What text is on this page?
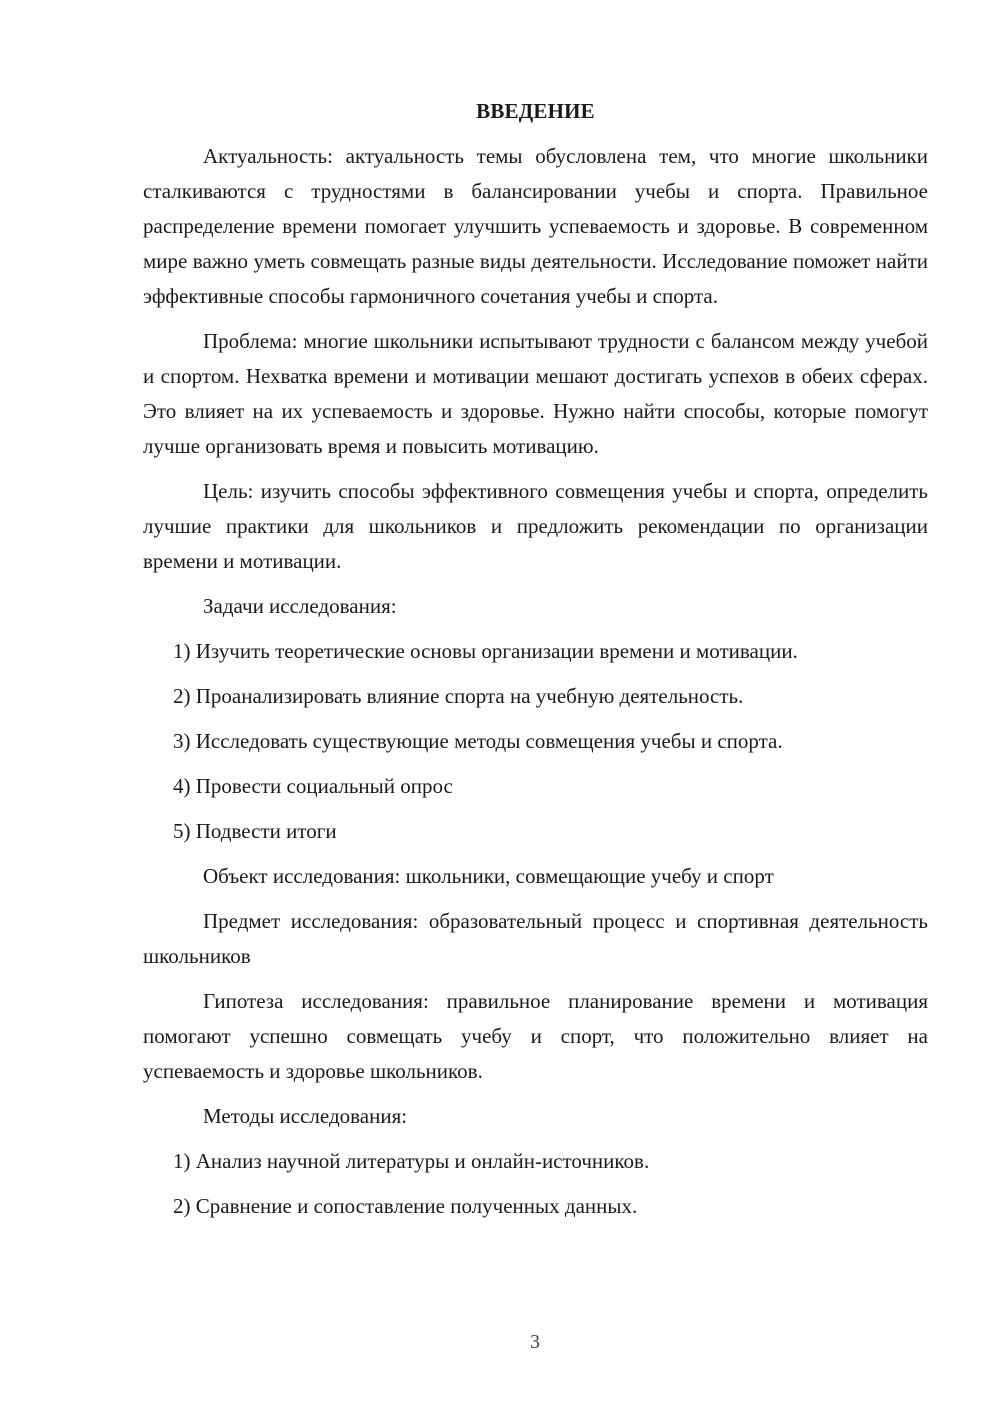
ВВЕДЕНИЕ

Актуальность: актуальность темы обусловлена тем, что многие школьники сталкиваются с трудностями в балансировании учебы и спорта. Правильное распределение времени помогает улучшить успеваемость и здоровье. В современном мире важно уметь совмещать разные виды деятельности. Исследование поможет найти эффективные способы гармоничного сочетания учебы и спорта.

Проблема: многие школьники испытывают трудности с балансом между учебой и спортом. Нехватка времени и мотивации мешают достигать успехов в обеих сферах. Это влияет на их успеваемость и здоровье. Нужно найти способы, которые помогут лучше организовать время и повысить мотивацию.

Цель: изучить способы эффективного совмещения учебы и спорта, определить лучшие практики для школьников и предложить рекомендации по организации времени и мотивации.

Задачи исследования:

1) Изучить теоретические основы организации времени и мотивации.
2) Проанализировать влияние спорта на учебную деятельность.
3) Исследовать существующие методы совмещения учебы и спорта.
4) Провести социальный опрос
5) Подвести итоги

Объект исследования: школьники, совмещающие учебу и спорт

Предмет исследования: образовательный процесс и спортивная деятельность школьников

Гипотеза исследования: правильное планирование времени и мотивация помогают успешно совмещать учебу и спорт, что положительно влияет на успеваемость и здоровье школьников.

Методы исследования:

1) Анализ научной литературы и онлайн-источников.
2) Сравнение и сопоставление полученных данных.
3
